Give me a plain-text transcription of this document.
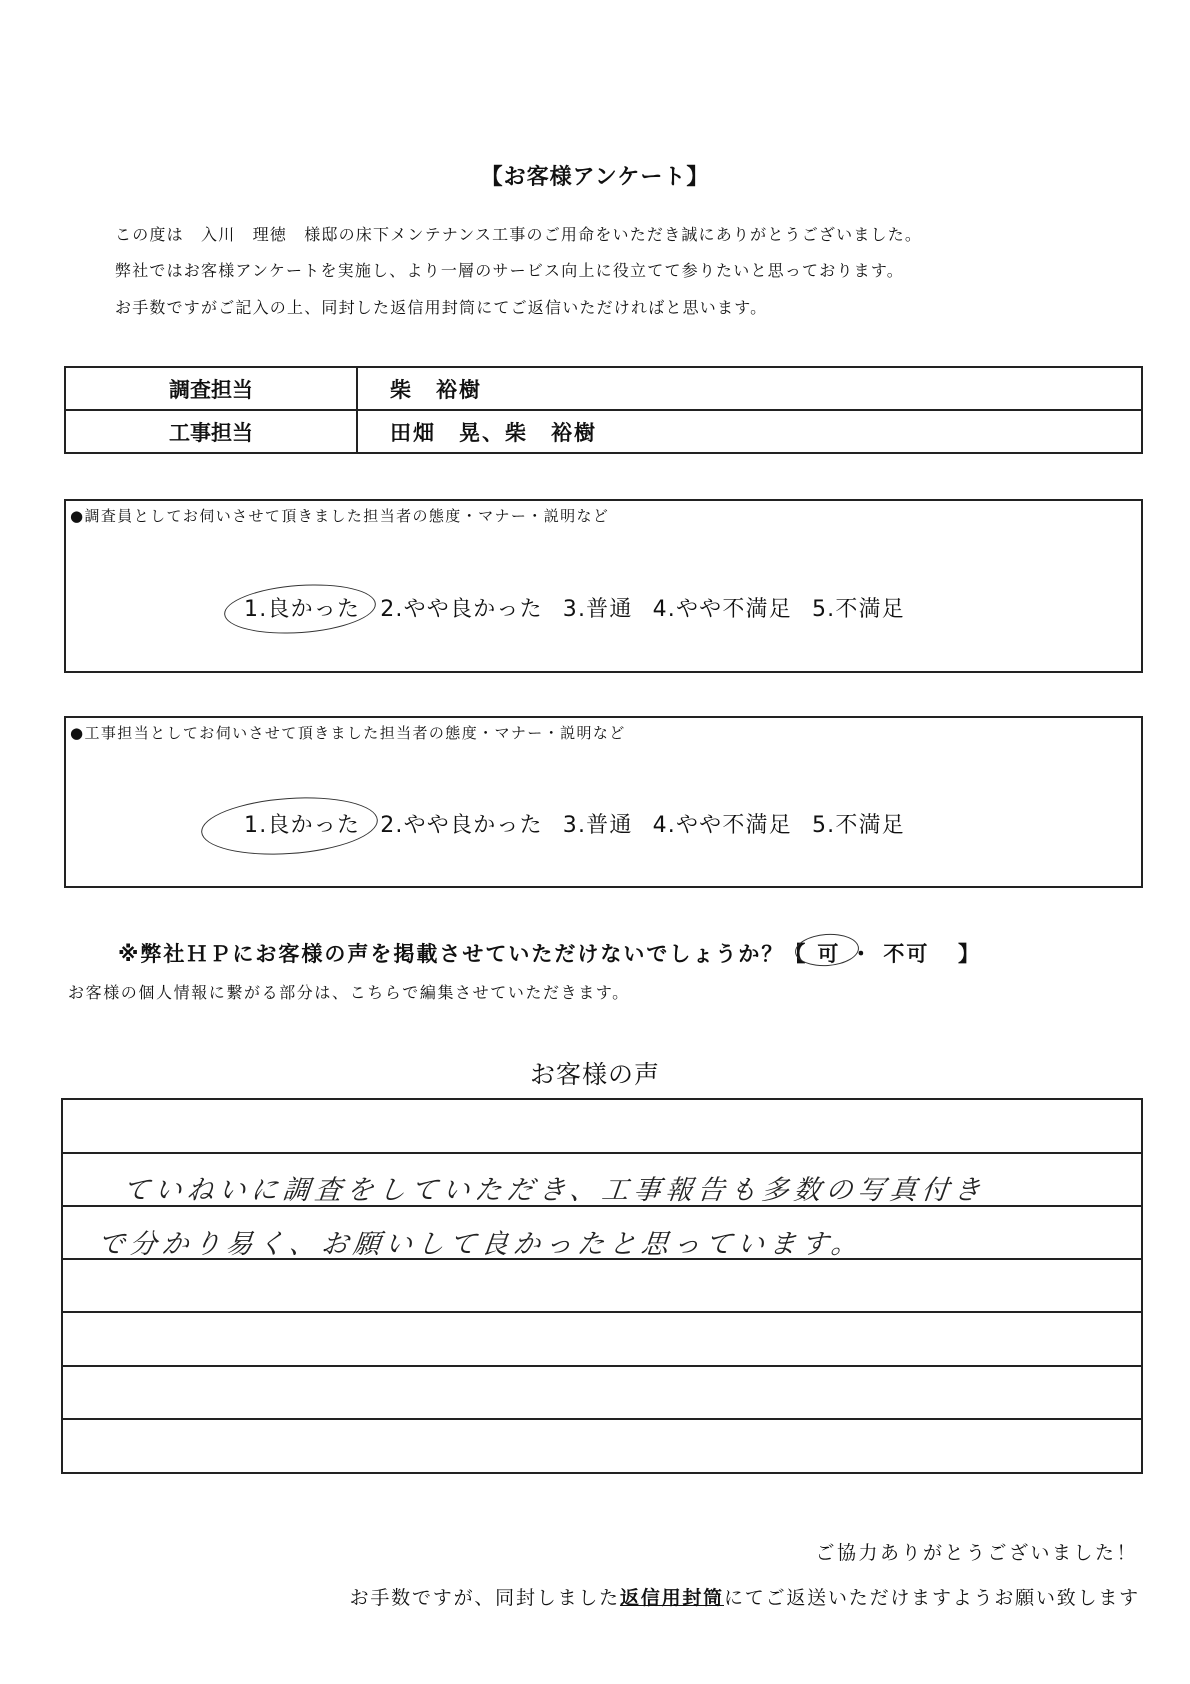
【お客様アンケート】
この度は　入川　理徳　様邸の床下メンテナンス工事のご用命をいただき誠にありがとうございました。
弊社ではお客様アンケートを実施し、より一層のサービス向上に役立てて参りたいと思っております。
お手数ですがご記入の上、同封した返信用封筒にてご返信いただければと思います。
調査担当	柴　裕樹
工事担当	田畑　晃、柴　裕樹
●調査員としてお伺いさせて頂きました担当者の態度・マナー・説明など
1.良かった 2.やや良かった 3.普通 4.やや不満足 5.不満足
●工事担当としてお伺いさせて頂きました担当者の態度・マナー・説明など
1.良かった 2.やや良かった 3.普通 4.やや不満足 5.不満足
※弊社ＨＰにお客様の声を掲載させていただけないでしょうか？【 可 ・ 不可 】
お客様の個人情報に繋がる部分は、こちらで編集させていただきます。
お客様の声
ていねいに調査をしていただき、工事報告も多数の写真付き
で分かり易く、お願いして良かったと思っています。
ご協力ありがとうございました！
お手数ですが、同封しました返信用封筒にてご返送いただけますようお願い致します
